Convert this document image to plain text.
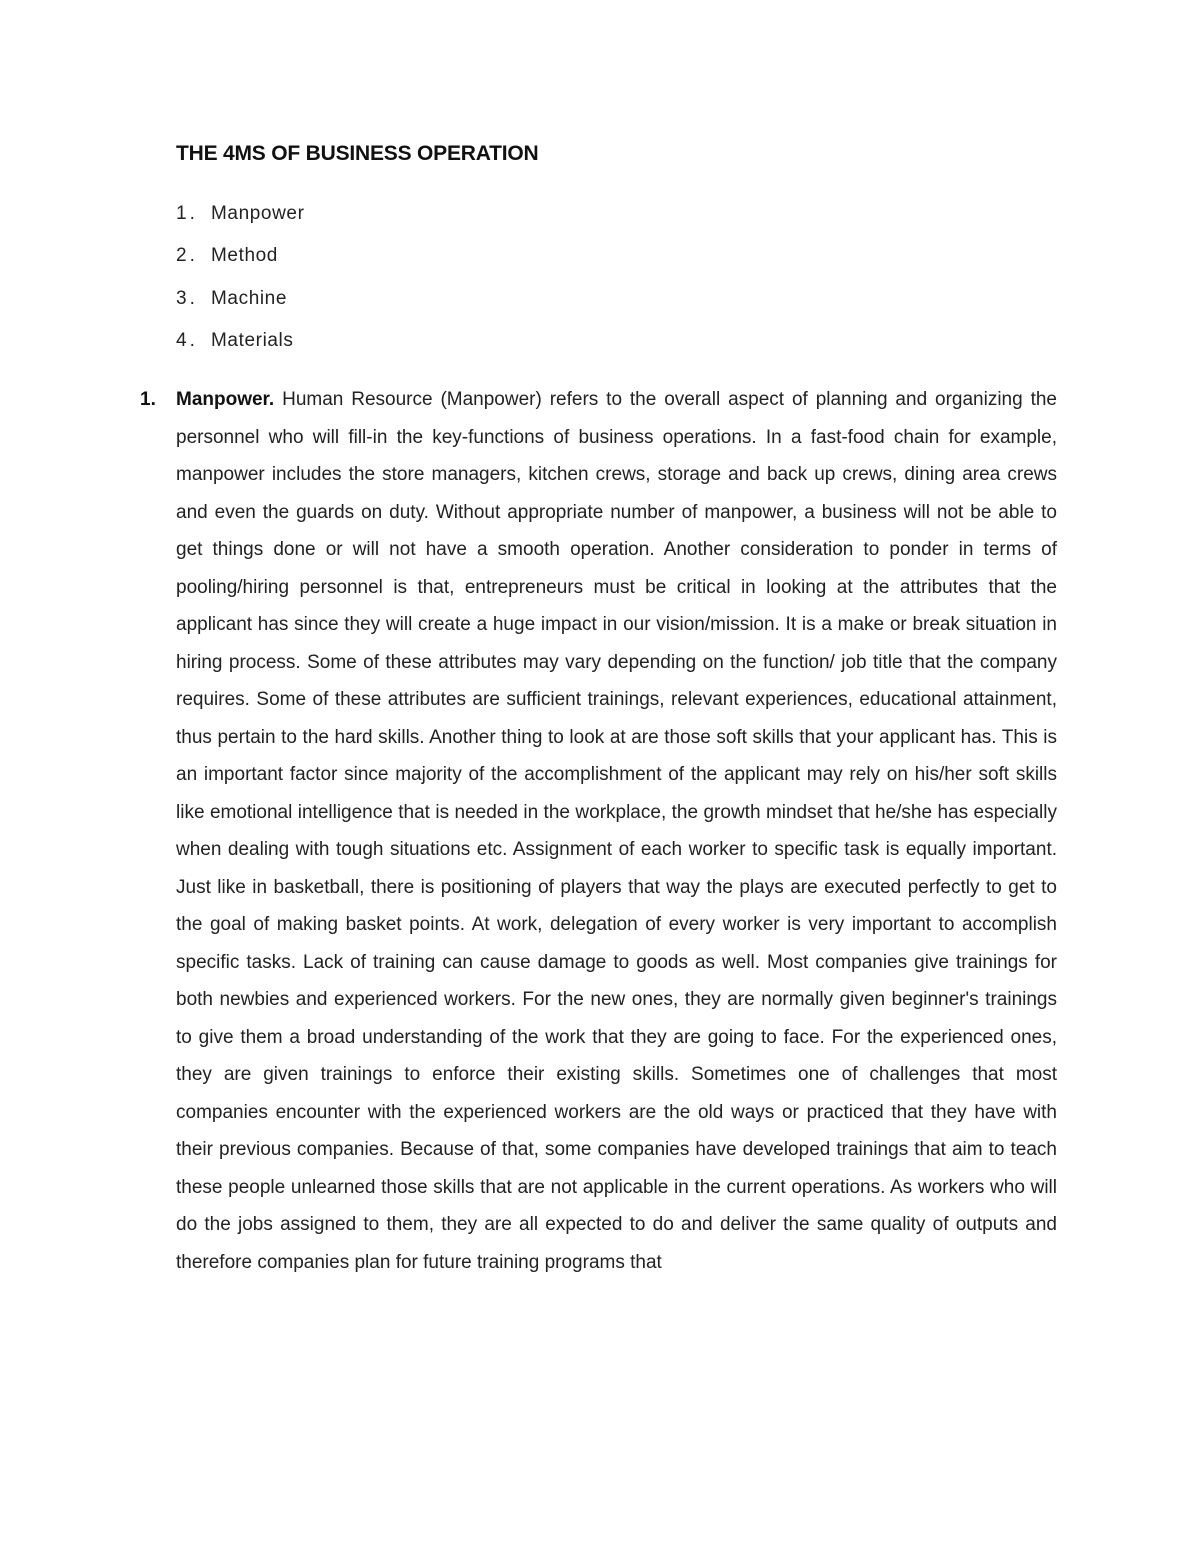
THE 4MS OF BUSINESS OPERATION
1. Manpower
2. Method
3. Machine
4. Materials
1. Manpower. Human Resource (Manpower) refers to the overall aspect of planning and organizing the personnel who will fill-in the key-functions of business operations. In a fast-food chain for example, manpower includes the store managers, kitchen crews, storage and back up crews, dining area crews and even the guards on duty. Without appropriate number of manpower, a business will not be able to get things done or will not have a smooth operation. Another consideration to ponder in terms of pooling/hiring personnel is that, entrepreneurs must be critical in looking at the attributes that the applicant has since they will create a huge impact in our vision/mission. It is a make or break situation in hiring process. Some of these attributes may vary depending on the function/ job title that the company requires. Some of these attributes are sufficient trainings, relevant experiences, educational attainment, thus pertain to the hard skills. Another thing to look at are those soft skills that your applicant has. This is an important factor since majority of the accomplishment of the applicant may rely on his/her soft skills like emotional intelligence that is needed in the workplace, the growth mindset that he/she has especially when dealing with tough situations etc. Assignment of each worker to specific task is equally important. Just like in basketball, there is positioning of players that way the plays are executed perfectly to get to the goal of making basket points. At work, delegation of every worker is very important to accomplish specific tasks. Lack of training can cause damage to goods as well. Most companies give trainings for both newbies and experienced workers. For the new ones, they are normally given beginner's trainings to give them a broad understanding of the work that they are going to face. For the experienced ones, they are given trainings to enforce their existing skills. Sometimes one of challenges that most companies encounter with the experienced workers are the old ways or practiced that they have with their previous companies. Because of that, some companies have developed trainings that aim to teach these people unlearned those skills that are not applicable in the current operations. As workers who will do the jobs assigned to them, they are all expected to do and deliver the same quality of outputs and therefore companies plan for future training programs that
